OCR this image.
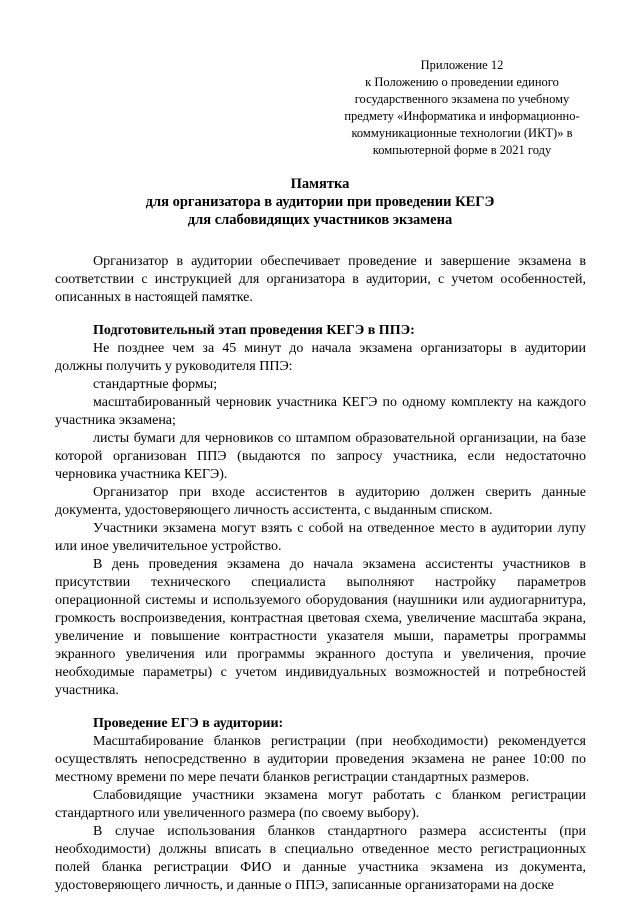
Приложение 12
к Положению о проведении единого
государственного экзамена по учебному
предмету «Информатика и информационно-
коммуникационные технологии (ИКТ)» в
компьютерной форме в 2021 году
Памятка
для организатора в аудитории при проведении КЕГЭ
для слабовидящих участников экзамена

Организатор в аудитории обеспечивает проведение и завершение экзамена в соответствии с инструкцией для организатора в аудитории, с учетом особенностей, описанных в настоящей памятке.

Подготовительный этап проведения КЕГЭ в ППЭ:

Не позднее чем за 45 минут до начала экзамена организаторы в аудитории должны получить у руководителя ППЭ:

стандартные формы;

масштабированный черновик участника КЕГЭ по одному комплекту на каждого участника экзамена;

листы бумаги для черновиков со штампом образовательной организации, на базе которой организован ППЭ (выдаются по запросу участника, если недостаточно черновика участника КЕГЭ).

Организатор при входе ассистентов в аудиторию должен сверить данные документа, удостоверяющего личность ассистента, с выданным списком.

Участники экзамена могут взять с собой на отведенное место в аудитории лупу или иное увеличительное устройство.

В день проведения экзамена до начала экзамена ассистенты участников в присутствии технического специалиста выполняют настройку параметров операционной системы и используемого оборудования (наушники или аудиогарнитура, громкость воспроизведения, контрастная цветовая схема, увеличение масштаба экрана, увеличение и повышение контрастности указателя мыши, параметры программы экранного увеличения или программы экранного доступа и увеличения, прочие необходимые параметры) с учетом индивидуальных возможностей и потребностей участника.

Проведение ЕГЭ в аудитории:

Масштабирование бланков регистрации (при необходимости) рекомендуется осуществлять непосредственно в аудитории проведения экзамена не ранее 10:00 по местному времени по мере печати бланков регистрации стандартных размеров.

Слабовидящие участники экзамена могут работать с бланком регистрации стандартного или увеличенного размера (по своему выбору).

В случае использования бланков стандартного размера ассистенты (при необходимости) должны вписать в специально отведенное место регистрационных полей бланка регистрации ФИО и данные участника экзамена из документа, удостоверяющего личность, и данные о ППЭ, записанные организаторами на доске
